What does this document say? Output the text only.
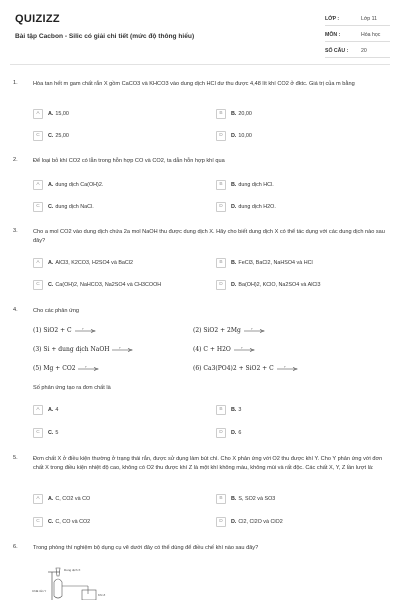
QUIZIZZ
Bài tập Cacbon - Silic có giải chi tiết (mức độ thông hiểu)
LỚP :	Lớp 11
MÔN :	Hóa học
SỐ CÂU :	20
1.	Hòa tan hết m gam chất rắn X gồm CaCO3 và KHCO3 vào dung dịch HCl dư thu được 4,48 lít khí CO2 ở đktc. Giá trị của m bằng
A	A. 15,00	B	B. 20,00
C	C. 25,00	D	D. 10,00
2.	Để loại bỏ khí CO2 có lẫn trong hỗn hợp CO và CO2, ta dẫn hỗn hợp khí qua
A	A. dung dịch Ca(OH)2.	B	B. dung dịch HCl.
C	C. dung dịch NaCl.	D	D. dung dịch H2O.
3.	Cho a mol CO2 vào dung dịch chứa 2a mol NaOH thu được dung dịch X. Hãy cho biết dung dịch X có thể tác dụng với các dung dịch nào sau đây?
A	A. AlCl3, K2CO3, H2SO4 và BaCl2	B	B. FeCl3, BaCl2, NaHSO4 và HCl
C	C. Ca(OH)2, NaHCO3, Na2SO4 và CH3COOH	D	D. Ba(OH)2, KClO, Na2SO4 và AlCl3
4.	Cho các phản ứng
(1) SiO2 + C	t°	(2) SiO2 + 2Mg	t°
(3) Si + dung dịch NaOH	t°	(4) C + H2O	t°
(5) Mg + CO2	t°	(6) Ca3(PO4)2 + SiO2 + C	t°
Số phản ứng tạo ra đơn chất là
A	A. 4	B	B. 3
C	C. 5	D	D. 6
5.	Đơn chất X ở điều kiện thường ở trạng thái rắn, được sử dụng làm bút chì. Cho X phản ứng với O2 thu được khí Y. Cho Y phản ứng với đơn chất X trong điều kiện nhiệt độ cao, không có O2 thu được khí Z là một khí không màu, không mùi và rất độc. Các chất X, Y, Z lần lượt là:
A	A. C, CO2 và CO	B	B. S, SO2 và SO3
C	C. C, CO và CO2	D	D. Cl2, Cl2O và ClO2
6.	Trong phòng thí nghiệm bộ dụng cụ vẽ dưới đây có thể dùng để điều chế khí nào sau đây?
Dung dịch X
Chất rắn Y
Khí Z
